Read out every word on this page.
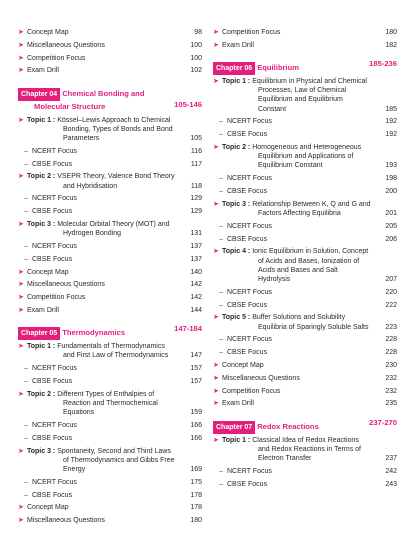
➤ Concept Map	98
➤ Miscellaneous Questions	100
➤ Competition Focus	100
➤ Exam Drill	102
Chapter 04 Chemical Bonding and
Molecular Structure	105-146
➤ Topic 1 : Kössel–Lewis Approach to Chemical Bonding, Types of Bonds and Bond Parameters	105
– NCERT Focus	116
– CBSE Focus	117
➤ Topic 2 : VSEPR Theory, Valence Bond Theory and Hybridisation	118
– NCERT Focus	129
– CBSE Focus	129
➤ Topic 3 : Molecular Orbital Theory (MOT) and Hydrogen Bonding	131
– NCERT Focus	137
– CBSE Focus	137
➤ Concept Map	140
➤ Miscellaneous Questions	142
➤ Competition Focus	142
➤ Exam Drill	144
Chapter 05 Thermodynamics	147-184
➤ Topic 1 : Fundamentals of Thermodynamics and First Law of Thermodynamics	147
– NCERT Focus	157
– CBSE Focus	157
➤ Topic 2 : Different Types of Enthalpies of Reaction and Thermochemical Equations	159
– NCERT Focus	166
– CBSE Focus	166
➤ Topic 3 : Spontaneity, Second and Third Laws of Thermodynamics and Gibbs Free Energy	169
– NCERT Focus	175
– CBSE Focus	178
➤ Concept Map	178
➤ Miscellaneous Questions	180
➤ Competition Focus	180
➤ Exam Drill	182
Chapter 06 Equilibrium	185-236
➤ Topic 1 : Equilibrium in Physical and Chemical Processes, Law of Chemical Equilibrium and Equilibrium Constant	185
– NCERT Focus	192
– CBSE Focus	192
➤ Topic 2 : Homogeneous and Heterogeneous Equilibrium and Applications of Equilibrium Constant	193
– NCERT Focus	198
– CBSE Focus	200
➤ Topic 3 : Relationship Between K, Q and G and Factors Affecting Equilibria	201
– NCERT Focus	205
– CBSE Focus	206
➤ Topic 4 : Ionic Equilibrium in Solution, Concept of Acids and Bases, Ionization of Acids and Bases and Salt Hydrolysis	207
– NCERT Focus	220
– CBSE Focus	222
➤ Topic 5 : Buffer Solutions and Solubility Equilibria of Sparingly Soluble Salts	223
– NCERT Focus	228
– CBSE Focus	228
➤ Concept Map	230
➤ Miscellaneous Questions	232
➤ Competition Focus	232
➤ Exam Drill	235
Chapter 07 Redox Reactions	237-270
➤ Topic 1 : Classical Idea of Redox Reactions and Redox Reactions in Terms of Electron Transfer	237
– NCERT Focus	242
– CBSE Focus	243
